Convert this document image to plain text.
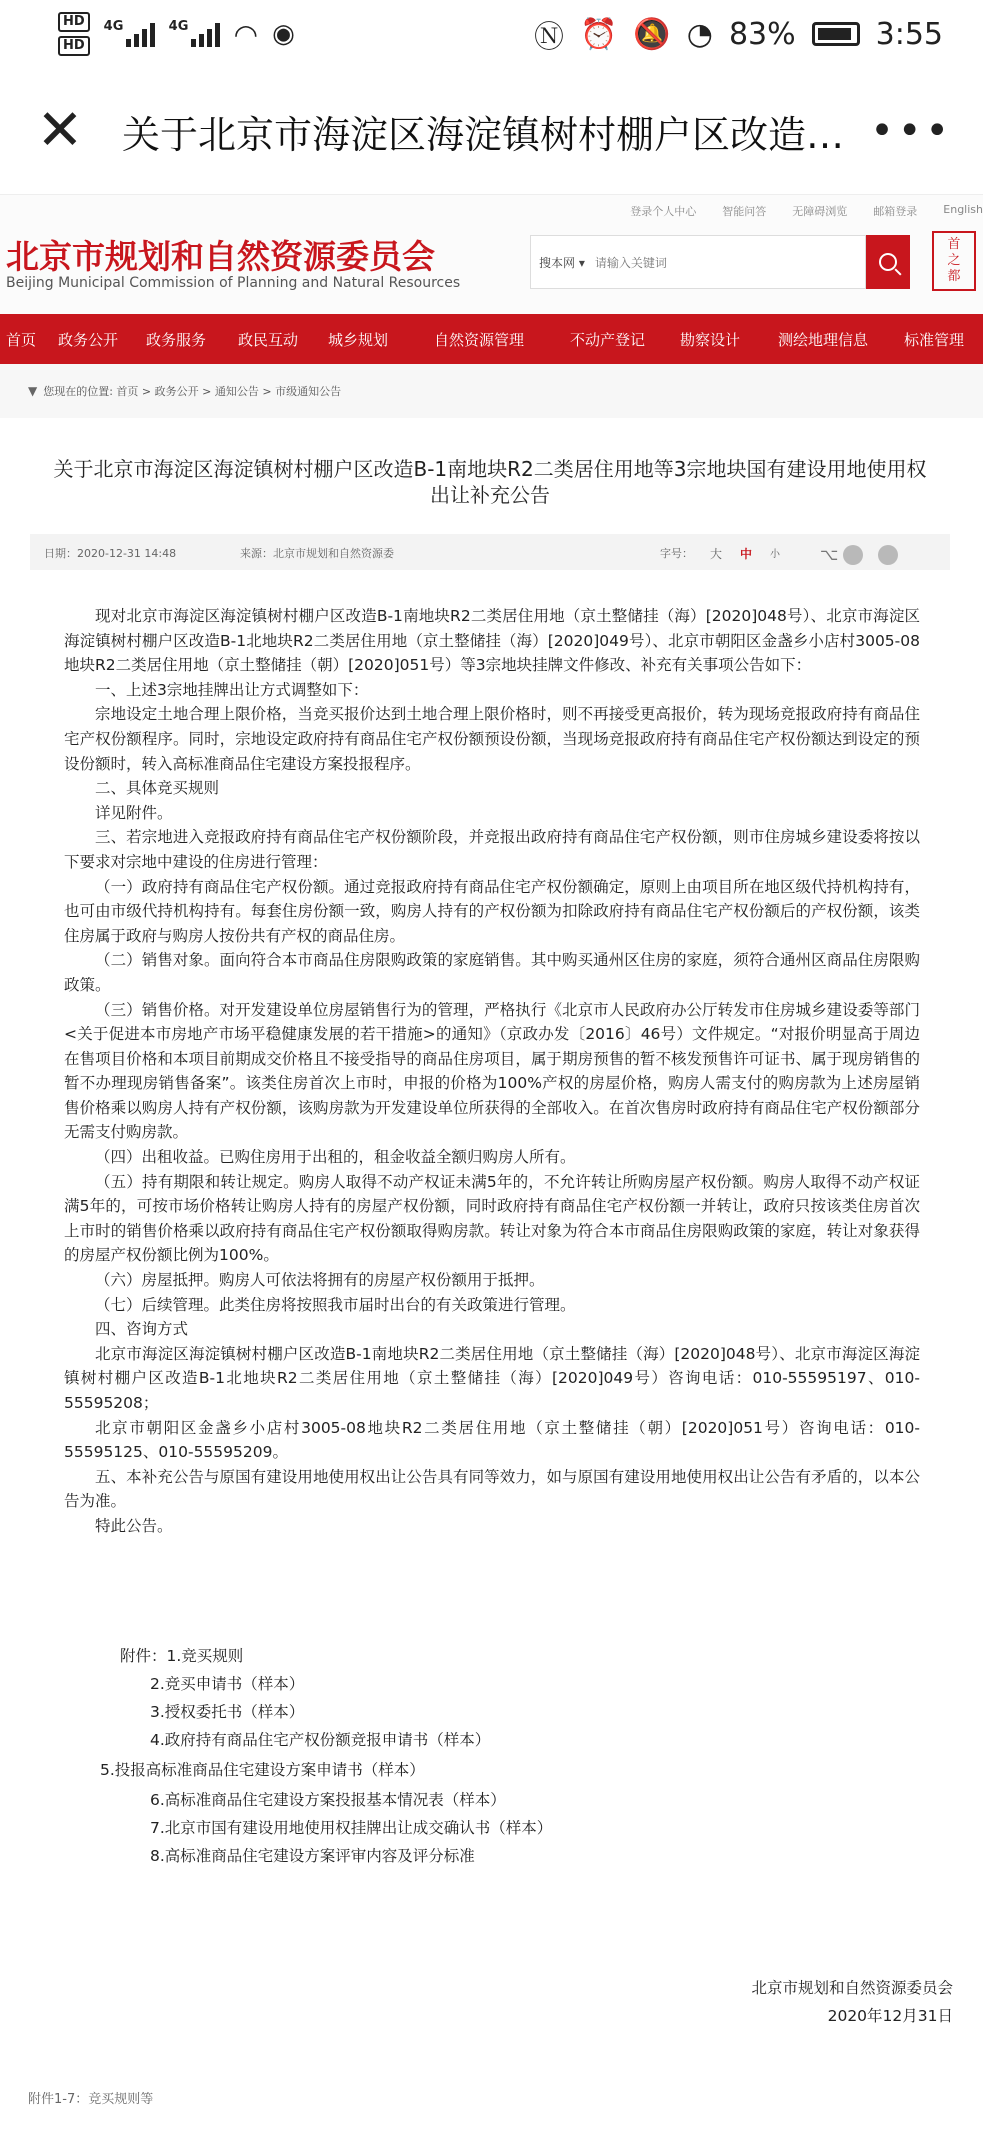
HD
HD
4G	4G ◠ ◉	Ⓝ ⏰ 🔕 ◔ 83%	3:55
✕ 关于北京市海淀区海淀镇树村棚户区改造… •••
登录个人中心 智能问答 无障碍浏览 邮箱登录 English
北京市规划和自然资源委员会
Beijing Municipal Commission of Planning and Natural Resources
搜本网 ▾ 请输入关键词
首
之
都
首页 政务公开 政务服务 政民互动 城乡规划	自然资源管理	不动产登记 勘察设计	测绘地理信息 标准管理
▼ 您现在的位置: 首页 > 政务公开 > 通知公告 > 市级通知公告
关于北京市海淀区海淀镇树村棚户区改造B-1南地块R2二类居住用地等3宗地块国有建设用地使用权
出让补充公告
日期：2020-12-31 14:48	来源：北京市规划和自然资源委	字号： 大 中 小	⌥

现对北京市海淀区海淀镇树村棚户区改造B-1南地块R2二类居住用地（京土整储挂（海）[2020]048号）、北京市海淀区海淀镇树村棚户区改造B-1北地块R2二类居住用地（京土整储挂（海）[2020]049号）、北京市朝阳区金盏乡小店村3005-08地块R2二类居住用地（京土整储挂（朝）[2020]051号）等3宗地块挂牌文件修改、补充有关事项公告如下：

一、上述3宗地挂牌出让方式调整如下：

宗地设定土地合理上限价格，当竞买报价达到土地合理上限价格时，则不再接受更高报价，转为现场竞报政府持有商品住宅产权份额程序。同时，宗地设定政府持有商品住宅产权份额预设份额，当现场竞报政府持有商品住宅产权份额达到设定的预设份额时，转入高标准商品住宅建设方案投报程序。

二、具体竞买规则

详见附件。

三、若宗地进入竞报政府持有商品住宅产权份额阶段，并竞报出政府持有商品住宅产权份额，则市住房城乡建设委将按以下要求对宗地中建设的住房进行管理：

（一）政府持有商品住宅产权份额。通过竞报政府持有商品住宅产权份额确定，原则上由项目所在地区级代持机构持有，也可由市级代持机构持有。每套住房份额一致，购房人持有的产权份额为扣除政府持有商品住宅产权份额后的产权份额，该类住房属于政府与购房人按份共有产权的商品住房。

（二）销售对象。面向符合本市商品住房限购政策的家庭销售。其中购买通州区住房的家庭，须符合通州区商品住房限购政策。

（三）销售价格。对开发建设单位房屋销售行为的管理，严格执行《北京市人民政府办公厅转发市住房城乡建设委等部门<关于促进本市房地产市场平稳健康发展的若干措施>的通知》（京政办发〔2016〕46号）文件规定。“对报价明显高于周边在售项目价格和本项目前期成交价格且不接受指导的商品住房项目，属于期房预售的暂不核发预售许可证书、属于现房销售的暂不办理现房销售备案”。该类住房首次上市时，申报的价格为100%产权的房屋价格，购房人需支付的购房款为上述房屋销售价格乘以购房人持有产权份额，该购房款为开发建设单位所获得的全部收入。在首次售房时政府持有商品住宅产权份额部分无需支付购房款。

（四）出租收益。已购住房用于出租的，租金收益全额归购房人所有。

（五）持有期限和转让规定。购房人取得不动产权证未满5年的，不允许转让所购房屋产权份额。购房人取得不动产权证满5年的，可按市场价格转让购房人持有的房屋产权份额，同时政府持有商品住宅产权份额一并转让，政府只按该类住房首次上市时的销售价格乘以政府持有商品住宅产权份额取得购房款。转让对象为符合本市商品住房限购政策的家庭，转让对象获得的房屋产权份额比例为100%。

（六）房屋抵押。购房人可依法将拥有的房屋产权份额用于抵押。

（七）后续管理。此类住房将按照我市届时出台的有关政策进行管理。

四、咨询方式

北京市海淀区海淀镇树村棚户区改造B-1南地块R2二类居住用地（京土整储挂（海）[2020]048号）、北京市海淀区海淀镇树村棚户区改造B-1北地块R2二类居住用地（京土整储挂（海）[2020]049号）咨询电话：010-55595197、010-55595208；

北京市朝阳区金盏乡小店村3005-08地块R2二类居住用地（京土整储挂（朝）[2020]051号）咨询电话：010-55595125、010-55595209。

五、本补充公告与原国有建设用地使用权出让公告具有同等效力，如与原国有建设用地使用权出让公告有矛盾的，以本公告为准。

特此公告。

附件：1.竞买规则
2.竞买申请书（样本）
3.授权委托书（样本）
4.政府持有商品住宅产权份额竞报申请书（样本）
5.投报高标准商品住宅建设方案申请书（样本）
6.高标准商品住宅建设方案投报基本情况表（样本）
7.北京市国有建设用地使用权挂牌出让成交确认书（样本）
8.高标准商品住宅建设方案评审内容及评分标准
北京市规划和自然资源委员会
2020年12月31日
附件1-7：竞买规则等
